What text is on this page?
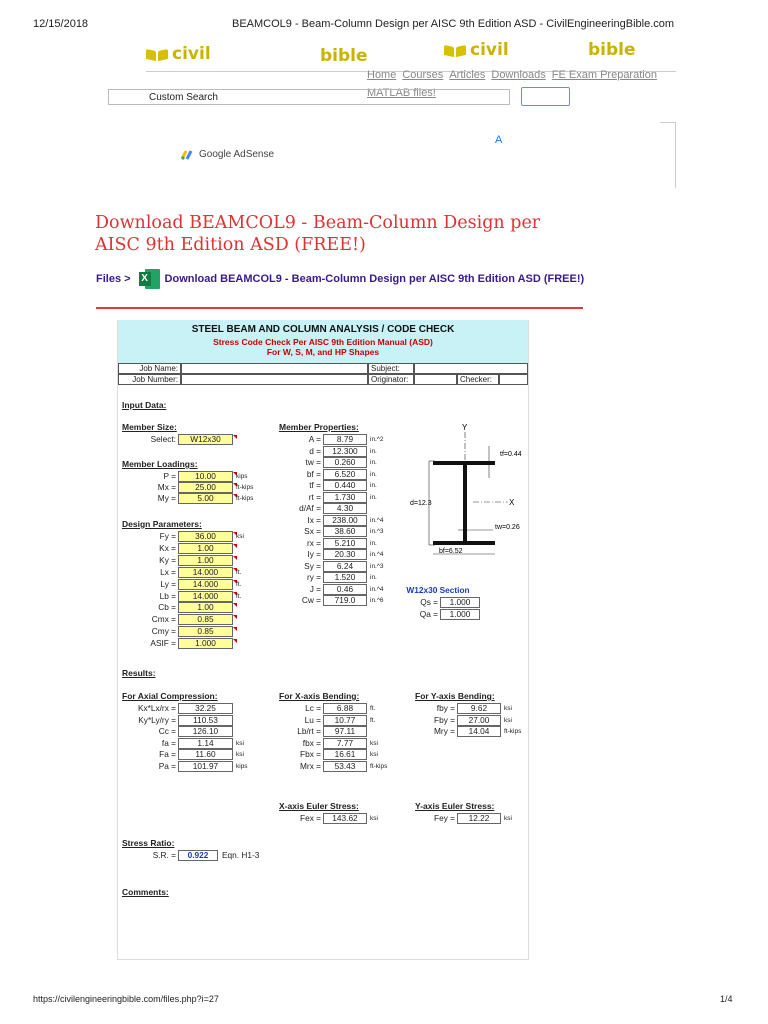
12/15/2018	BEAMCOL9 - Beam-Column Design per AISC 9th Edition ASD - CivilEngineeringBible.com
civil	bible	civil	bible
Home Courses Articles Downloads FE Exam Preparation
MATLAB files!
Custom Search
A
Google AdSense
Download BEAMCOL9 - Beam-Column Design per AISC 9th Edition ASD (FREE!)
Files > X Download BEAMCOL9 - Beam-Column Design per AISC 9th Edition ASD (FREE!)
STEEL BEAM AND COLUMN ANALYSIS / CODE CHECK
Stress Code Check Per AISC 9th Edition Manual (ASD)
For W, S, M, and HP Shapes
Job Name:	Subject:
Job Number:	Originator:	Checker:
Input Data:
Member Size:
Select:	W12x30
Member Loadings:
P =	10.00	kips
Mx =	25.00	ft-kips
My =	5.00	ft-kips
Design Parameters:
Fy =	36.00	ksi
Kx =	1.00
Ky =	1.00
Lx =	14.000	ft.
Ly =	14.000	ft.
Lb =	14.000	ft.
Cb =	1.00
Cmx =	0.85
Cmy =	0.85
ASIF =	1.000
Member Properties:
A =	8.79	in.^2
d =	12.300	in.
tw =	0.260	in.
bf =	6.520	in.
tf =	0.440	in.
rt =	1.730	in.
d/Af =	4.30
Ix =	238.00	in.^4
Sx =	38.60	in.^3
rx =	5.210	in.
Iy =	20.30	in.^4
Sy =	6.24	in.^3
ry =	1.520	in.
J =	0.46	in.^4
Cw =	719.0	in.^6
W12x30 Section
Qs =	1.000
Qa =	1.000
Results:
For Axial Compression:
Kx*Lx/rx =	32.25
Ky*Ly/ry =	110.53
Cc =	126.10
fa =	1.14	ksi
Fa =	11.60	ksi
Pa =	101.97	kips
For X-axis Bending:
Lc =	6.88	ft.
Lu =	10.77	ft.
Lb/rt =	97.11
fbx =	7.77	ksi
Fbx =	16.61	ksi
Mrx =	53.43	ft-kips
For Y-axis Bending:
fby =	9.62	ksi
Fby =	27.00	ksi
Mry =	14.04	ft-kips
X-axis Euler Stress:
Fex =	143.62	ksi
Y-axis Euler Stress:
Fey =	12.22	ksi
Stress Ratio:
S.R. =	0.922	Eqn. H1-3
Comments:
Y
X
tf=0.44
d=12.3
tw=0.26
bf=6.52
https://civilengineeringbible.com/files.php?i=27	1/4
